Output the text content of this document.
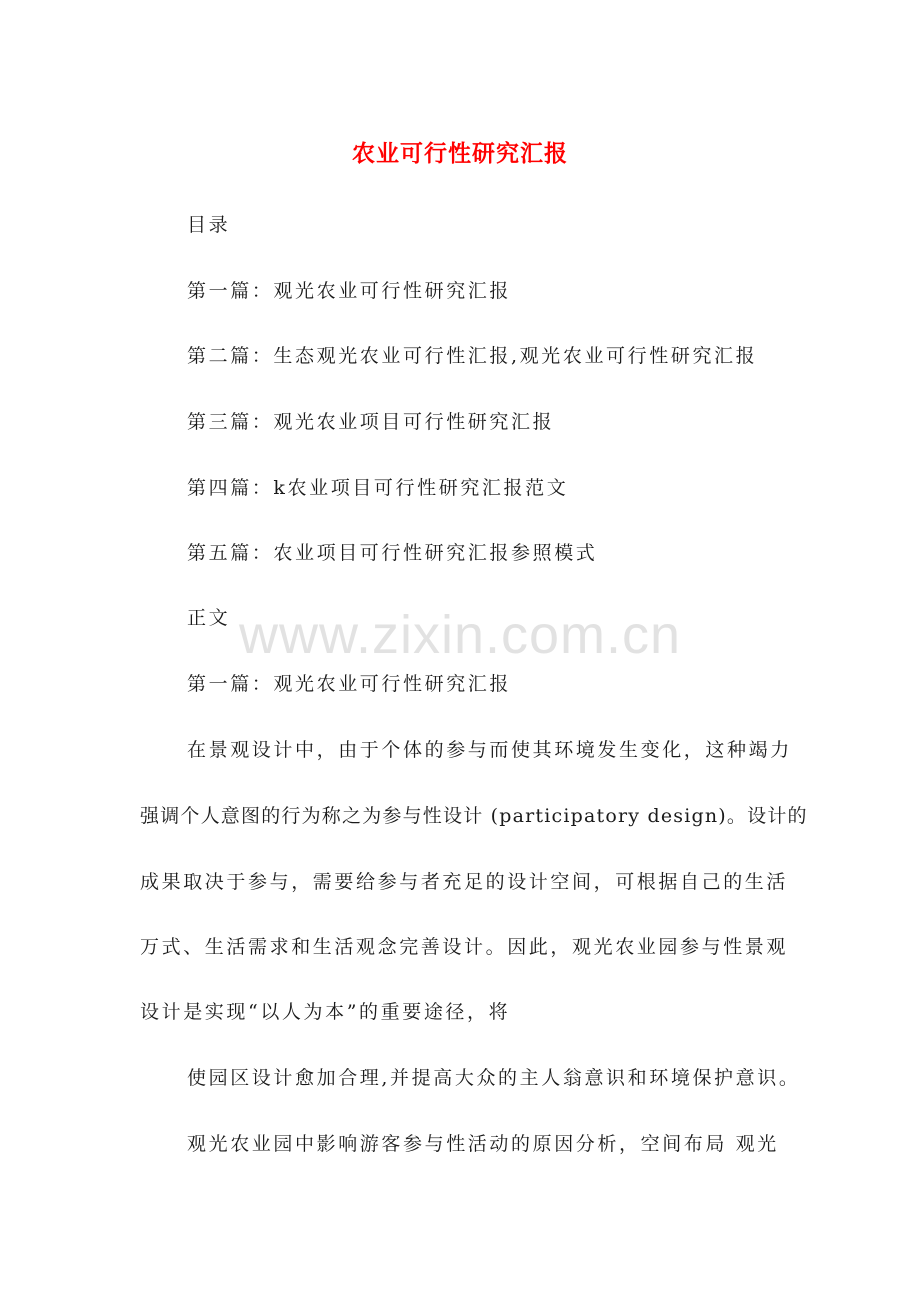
农业可行性研究汇报
目录
第一篇：观光农业可行性研究汇报
第二篇：生态观光农业可行性汇报,观光农业可行性研究汇报
第三篇：观光农业项目可行性研究汇报
第四篇：k农业项目可行性研究汇报范文
第五篇：农业项目可行性研究汇报参照模式
正文 www.zixin.com.cn
第一篇：观光农业可行性研究汇报
在景观设计中，由于个体的参与而使其环境发生变化，这种竭力
强调个人意图的行为称之为参与性设计 (participatory design)。设计的
成果取决于参与，需要给参与者充足的设计空间，可根据自己的生活
万式、生活需求和生活观念完善设计。因此，观光农业园参与性景观
设计是实现“以人为本”的重要途径，将
使园区设计愈加合理,并提高大众的主人翁意识和环境保护意识。
观光农业园中影响游客参与性活动的原因分析，空间布局 观光
